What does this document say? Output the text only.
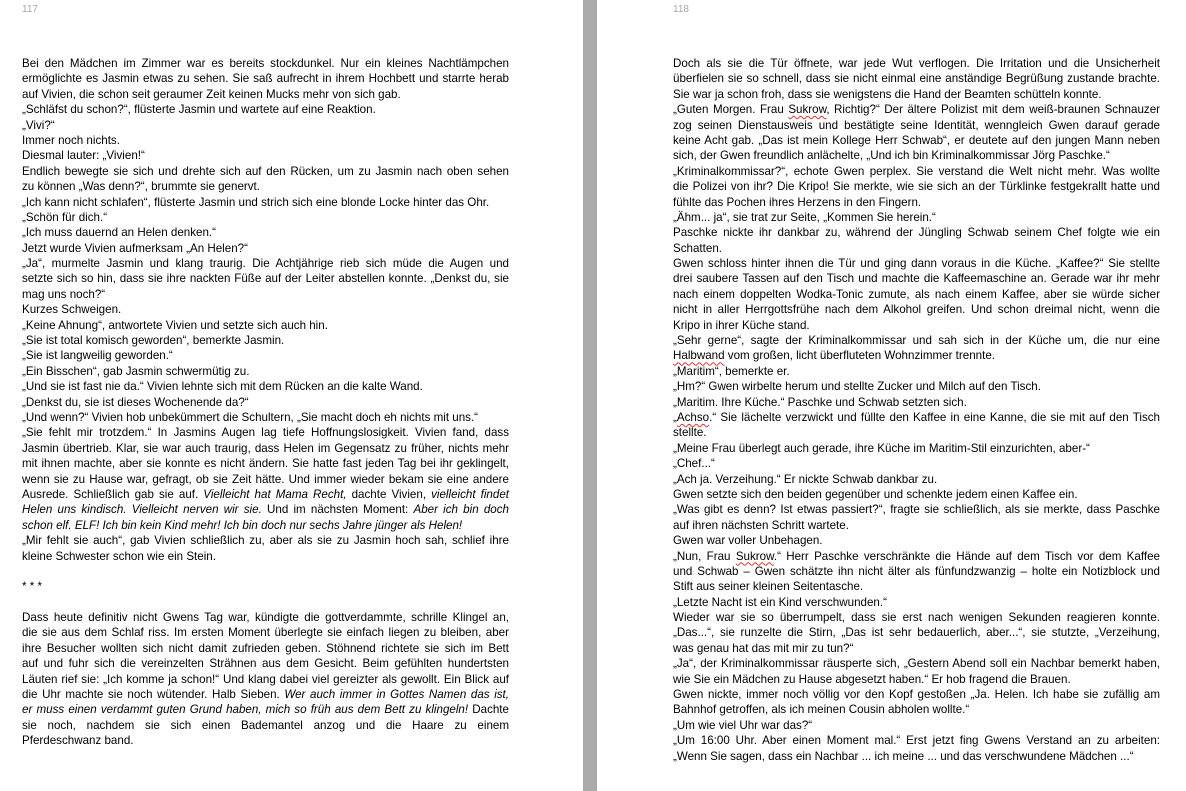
117
Bei den Mädchen im Zimmer war es bereits stockdunkel. Nur ein kleines Nachtlämpchen
ermöglichte es Jasmin etwas zu sehen. Sie saß aufrecht in ihrem Hochbett und starrte herab
auf Vivien, die schon seit geraumer Zeit keinen Mucks mehr von sich gab.
„Schläfst du schon?“, flüsterte Jasmin und wartete auf eine Reaktion.
„Vivi?“
Immer noch nichts.
Diesmal lauter: „Vivien!“
Endlich bewegte sie sich und drehte sich auf den Rücken, um zu Jasmin nach oben sehen
zu können „Was denn?“, brummte sie genervt.
„Ich kann nicht schlafen“, flüsterte Jasmin und strich sich eine blonde Locke hinter das Ohr.
„Schön für dich.“
„Ich muss dauernd an Helen denken.“
Jetzt wurde Vivien aufmerksam „An Helen?“
„Ja“, murmelte Jasmin und klang traurig. Die Achtjährige rieb sich müde die Augen und
setzte sich so hin, dass sie ihre nackten Füße auf der Leiter abstellen konnte. „Denkst du, sie
mag uns noch?“
Kurzes Schweigen.
„Keine Ahnung“, antwortete Vivien und setzte sich auch hin.
„Sie ist total komisch geworden“, bemerkte Jasmin.
„Sie ist langweilig geworden.“
„Ein Bisschen“, gab Jasmin schwermütig zu.
„Und sie ist fast nie da.“ Vivien lehnte sich mit dem Rücken an die kalte Wand.
„Denkst du, sie ist dieses Wochenende da?“
„Und wenn?“ Vivien hob unbekümmert die Schultern, „Sie macht doch eh nichts mit uns.“
„Sie fehlt mir trotzdem.“ In Jasmins Augen lag tiefe Hoffnungslosigkeit. Vivien fand, dass
Jasmin übertrieb. Klar, sie war auch traurig, dass Helen im Gegensatz zu früher, nichts mehr
mit ihnen machte, aber sie konnte es nicht ändern. Sie hatte fast jeden Tag bei ihr geklingelt,
wenn sie zu Hause war, gefragt, ob sie Zeit hätte. Und immer wieder bekam sie eine andere
Ausrede. Schließlich gab sie auf. Vielleicht hat Mama Recht, dachte Vivien, vielleicht findet
Helen uns kindisch. Vielleicht nerven wir sie. Und im nächsten Moment: Aber ich bin doch
schon elf. ELF! Ich bin kein Kind mehr! Ich bin doch nur sechs Jahre jünger als Helen!
„Mir fehlt sie auch“, gab Vivien schließlich zu, aber als sie zu Jasmin hoch sah, schlief ihre
kleine Schwester schon wie ein Stein.
* * *
Dass heute definitiv nicht Gwens Tag war, kündigte die gottverdammte, schrille Klingel an,
die sie aus dem Schlaf riss. Im ersten Moment überlegte sie einfach liegen zu bleiben, aber
ihre Besucher wollten sich nicht damit zufrieden geben. Stöhnend richtete sie sich im Bett
auf und fuhr sich die vereinzelten Strähnen aus dem Gesicht. Beim gefühlten hundertsten
Läuten rief sie: „Ich komme ja schon!“ Und klang dabei viel gereizter als gewollt. Ein Blick auf
die Uhr machte sie noch wütender. Halb Sieben. Wer auch immer in Gottes Namen das ist,
er muss einen verdammt guten Grund haben, mich so früh aus dem Bett zu klingeln! Dachte
sie noch, nachdem sie sich einen Bademantel anzog und die Haare zu einem
Pferdeschwanz band.
118
Doch als sie die Tür öffnete, war jede Wut verflogen. Die Irritation und die Unsicherheit
überfielen sie so schnell, dass sie nicht einmal eine anständige Begrüßung zustande brachte.
Sie war ja schon froh, dass sie wenigstens die Hand der Beamten schütteln konnte.
„Guten Morgen. Frau Sukrow, Richtig?“ Der ältere Polizist mit dem weiß-braunen Schnauzer
zog seinen Dienstausweis und bestätigte seine Identität, wenngleich Gwen darauf gerade
keine Acht gab. „Das ist mein Kollege Herr Schwab“, er deutete auf den jungen Mann neben
sich, der Gwen freundlich anlächelte, „Und ich bin Kriminalkommissar Jörg Paschke.“
„Kriminalkommissar?“, echote Gwen perplex. Sie verstand die Welt nicht mehr. Was wollte
die Polizei von ihr? Die Kripo! Sie merkte, wie sie sich an der Türklinke festgekrallt hatte und
fühlte das Pochen ihres Herzens in den Fingern.
„Ähm... ja“, sie trat zur Seite, „Kommen Sie herein.“
Paschke nickte ihr dankbar zu, während der Jüngling Schwab seinem Chef folgte wie ein
Schatten.
Gwen schloss hinter ihnen die Tür und ging dann voraus in die Küche. „Kaffee?“ Sie stellte
drei saubere Tassen auf den Tisch und machte die Kaffeemaschine an. Gerade war ihr mehr
nach einem doppelten Wodka-Tonic zumute, als nach einem Kaffee, aber sie würde sicher
nicht in aller Herrgottsfrühe nach dem Alkohol greifen. Und schon dreimal nicht, wenn die
Kripo in ihrer Küche stand.
„Sehr gerne“, sagte der Kriminalkommissar und sah sich in der Küche um, die nur eine
Halbwand vom großen, licht überfluteten Wohnzimmer trennte.
„Maritim“, bemerkte er.
„Hm?“ Gwen wirbelte herum und stellte Zucker und Milch auf den Tisch.
„Maritim. Ihre Küche.“ Paschke und Schwab setzten sich.
„Achso.“ Sie lächelte verzwickt und füllte den Kaffee in eine Kanne, die sie mit auf den Tisch
stellte.
„Meine Frau überlegt auch gerade, ihre Küche im Maritim-Stil einzurichten, aber-“
„Chef...“
„Ach ja. Verzeihung.“ Er nickte Schwab dankbar zu.
Gwen setzte sich den beiden gegenüber und schenkte jedem einen Kaffee ein.
„Was gibt es denn? Ist etwas passiert?“, fragte sie schließlich, als sie merkte, dass Paschke
auf ihren nächsten Schritt wartete.
Gwen war voller Unbehagen.
„Nun, Frau Sukrow.“ Herr Paschke verschränkte die Hände auf dem Tisch vor dem Kaffee
und Schwab – Gwen schätzte ihn nicht älter als fünfundzwanzig – holte ein Notizblock und
Stift aus seiner kleinen Seitentasche.
„Letzte Nacht ist ein Kind verschwunden.“
Wieder war sie so überrumpelt, dass sie erst nach wenigen Sekunden reagieren konnte.
„Das...“, sie runzelte die Stirn, „Das ist sehr bedauerlich, aber...“, sie stutzte, „Verzeihung,
was genau hat das mit mir zu tun?“
„Ja“, der Kriminalkommissar räusperte sich, „Gestern Abend soll ein Nachbar bemerkt haben,
wie Sie ein Mädchen zu Hause abgesetzt haben.“ Er hob fragend die Brauen.
Gwen nickte, immer noch völlig vor den Kopf gestoßen „Ja. Helen. Ich habe sie zufällig am
Bahnhof getroffen, als ich meinen Cousin abholen wollte.“
„Um wie viel Uhr war das?“
„Um 16:00 Uhr. Aber einen Moment mal.“ Erst jetzt fing Gwens Verstand an zu arbeiten:
„Wenn Sie sagen, dass ein Nachbar ... ich meine ... und das verschwundene Mädchen ...“
